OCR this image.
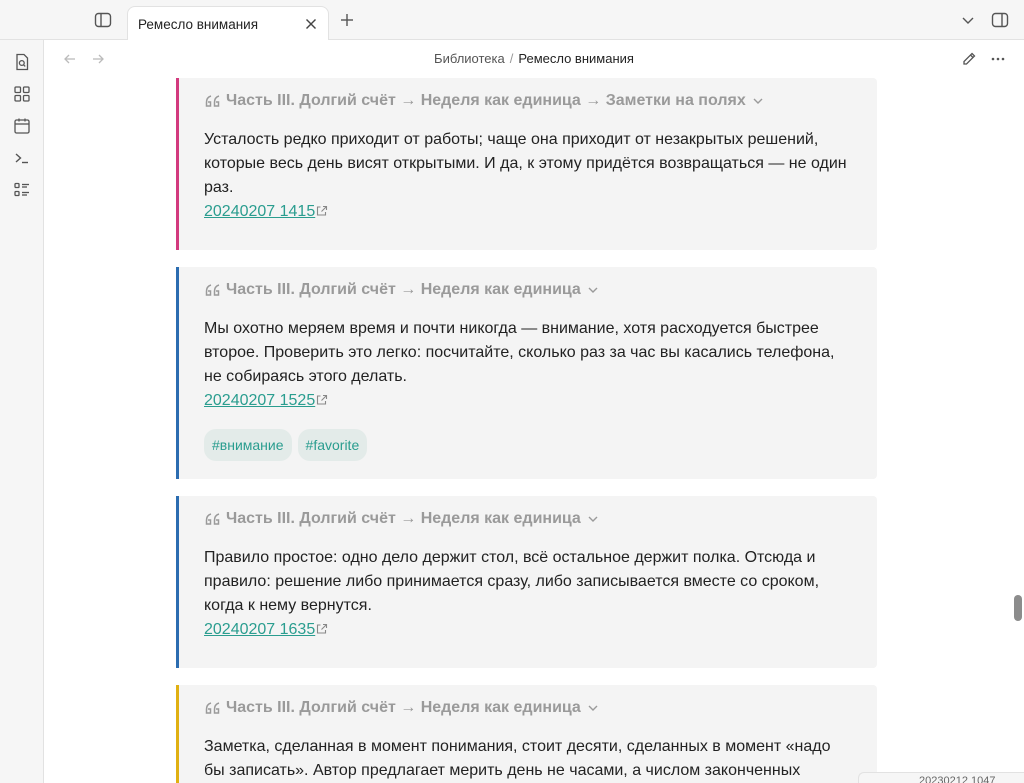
Ремесло внимания
Библиотека / Ремесло внимания
Часть III. Долгий счёт → Неделя как единица → Заметки на полях
Усталость редко приходит от работы; чаще она приходит от незакрытых решений,
которые весь день висят открытыми. И да, к этому придётся возвращаться — не один
раз.
20240207 1415
Часть III. Долгий счёт → Неделя как единица
Мы охотно меряем время и почти никогда — внимание, хотя расходуется быстрее
второе. Проверить это легко: посчитайте, сколько раз за час вы касались телефона,
не собираясь этого делать.
20240207 1525
#внимание	#favorite
Часть III. Долгий счёт → Неделя как единица
Правило простое: одно дело держит стол, всё остальное держит полка. Отсюда и
правило: решение либо принимается сразу, либо записывается вместе со сроком,
когда к нему вернутся.
20240207 1635
Часть III. Долгий счёт → Неделя как единица
Заметка, сделанная в момент понимания, стоит десяти, сделанных в момент «надо
бы записать». Автор предлагает мерить день не часами, а числом законченных
20230212 1047
